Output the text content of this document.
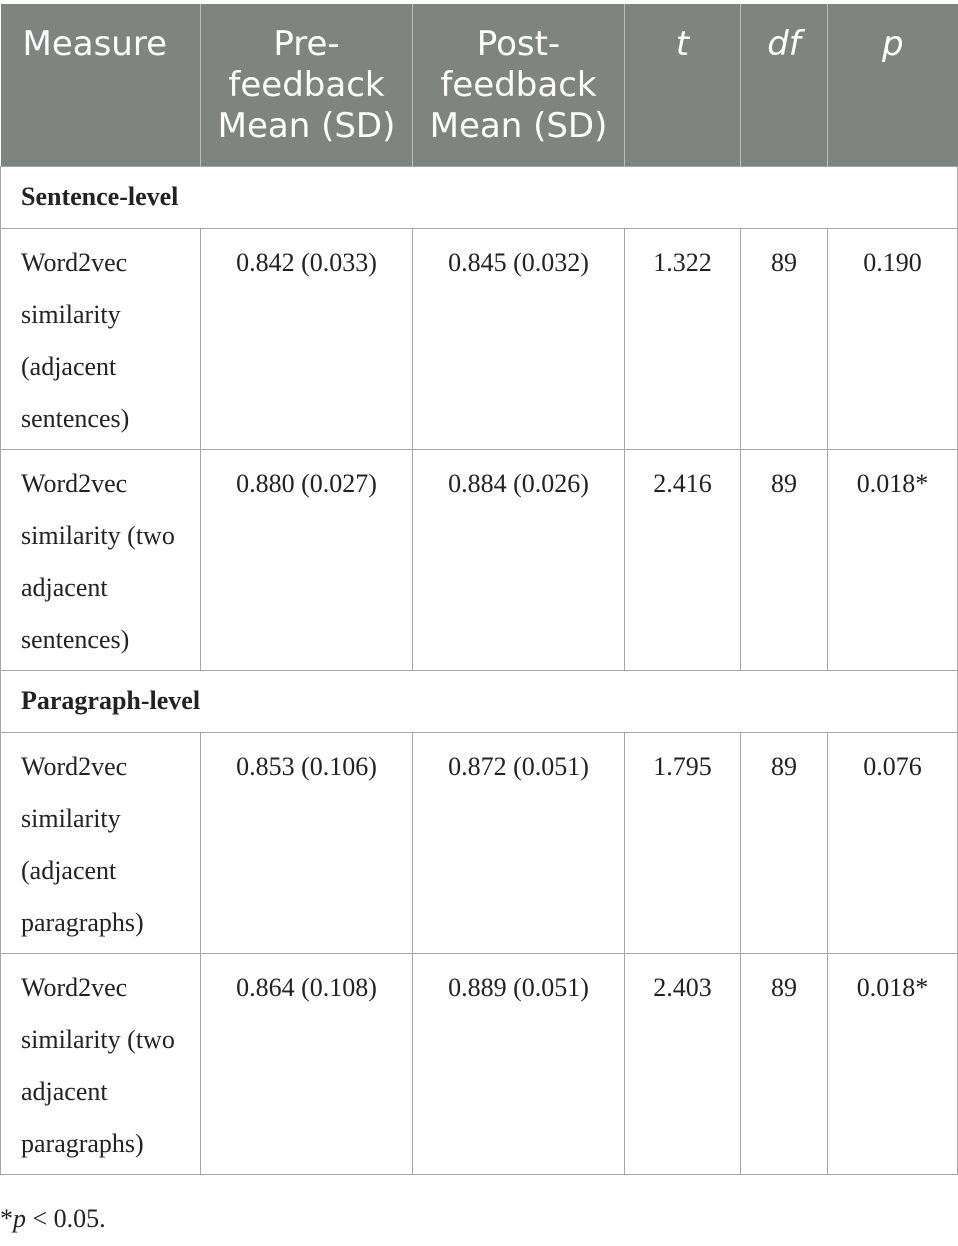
Measure	Pre-feedback Mean (SD)	Post-feedback Mean (SD)	t	df	p
Sentence-level					
Word2vec similarity (adjacent sentences)	0.842 (0.033)	0.845 (0.032)	1.322	89	0.190
Word2vec similarity (two adjacent sentences)	0.880 (0.027)	0.884 (0.026)	2.416	89	0.018*
Paragraph-level					
Word2vec similarity (adjacent paragraphs)	0.853 (0.106)	0.872 (0.051)	1.795	89	0.076
Word2vec similarity (two adjacent paragraphs)	0.864 (0.108)	0.889 (0.051)	2.403	89	0.018*
*p < 0.05.
